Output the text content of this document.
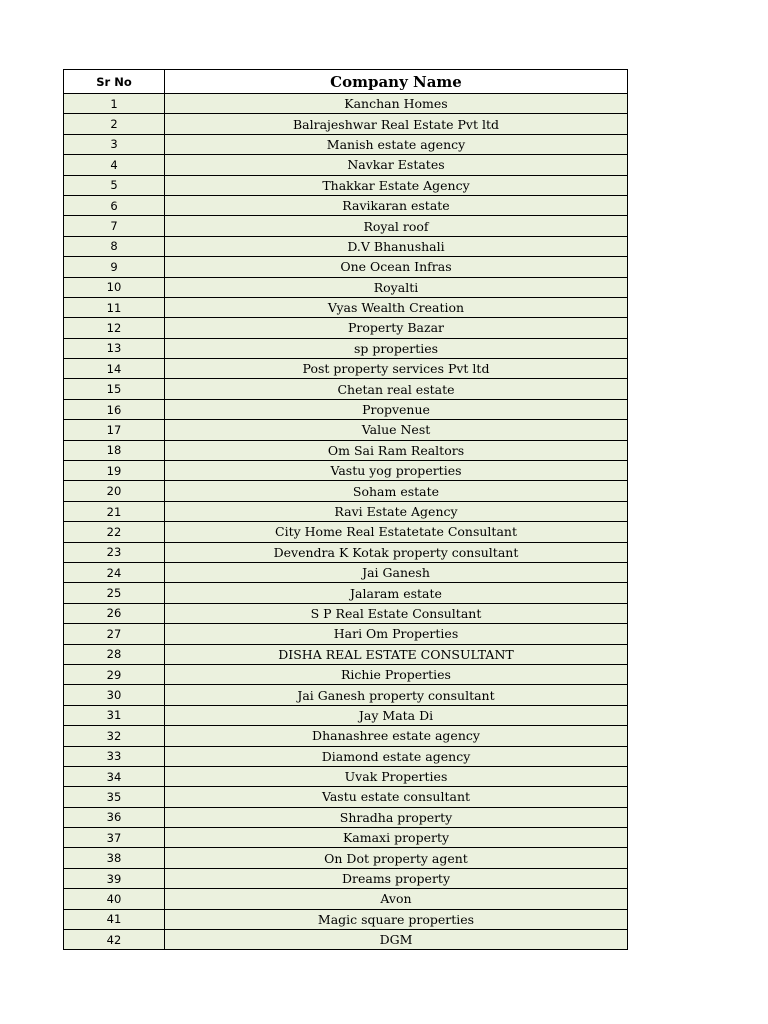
Sr No	Company Name
1	Kanchan Homes
2	Balrajeshwar Real Estate Pvt ltd
3	Manish estate agency
4	Navkar Estates
5	Thakkar Estate Agency
6	Ravikaran estate
7	Royal roof
8	D.V Bhanushali
9	One Ocean Infras
10	Royalti
11	Vyas Wealth Creation
12	Property Bazar
13	sp properties
14	Post property services Pvt ltd
15	Chetan real estate
16	Propvenue
17	Value Nest
18	Om Sai Ram Realtors
19	Vastu yog properties
20	Soham estate
21	Ravi Estate Agency
22	City Home Real Estatetate Consultant
23	Devendra K Kotak property consultant
24	Jai Ganesh
25	Jalaram estate
26	S P Real Estate Consultant
27	Hari Om Properties
28	DISHA REAL ESTATE CONSULTANT
29	Richie Properties
30	Jai Ganesh property consultant
31	Jay Mata Di
32	Dhanashree estate agency
33	Diamond estate agency
34	Uvak Properties
35	Vastu estate consultant
36	Shradha property
37	Kamaxi property
38	On Dot property agent
39	Dreams property
40	Avon
41	Magic square properties
42	DGM
